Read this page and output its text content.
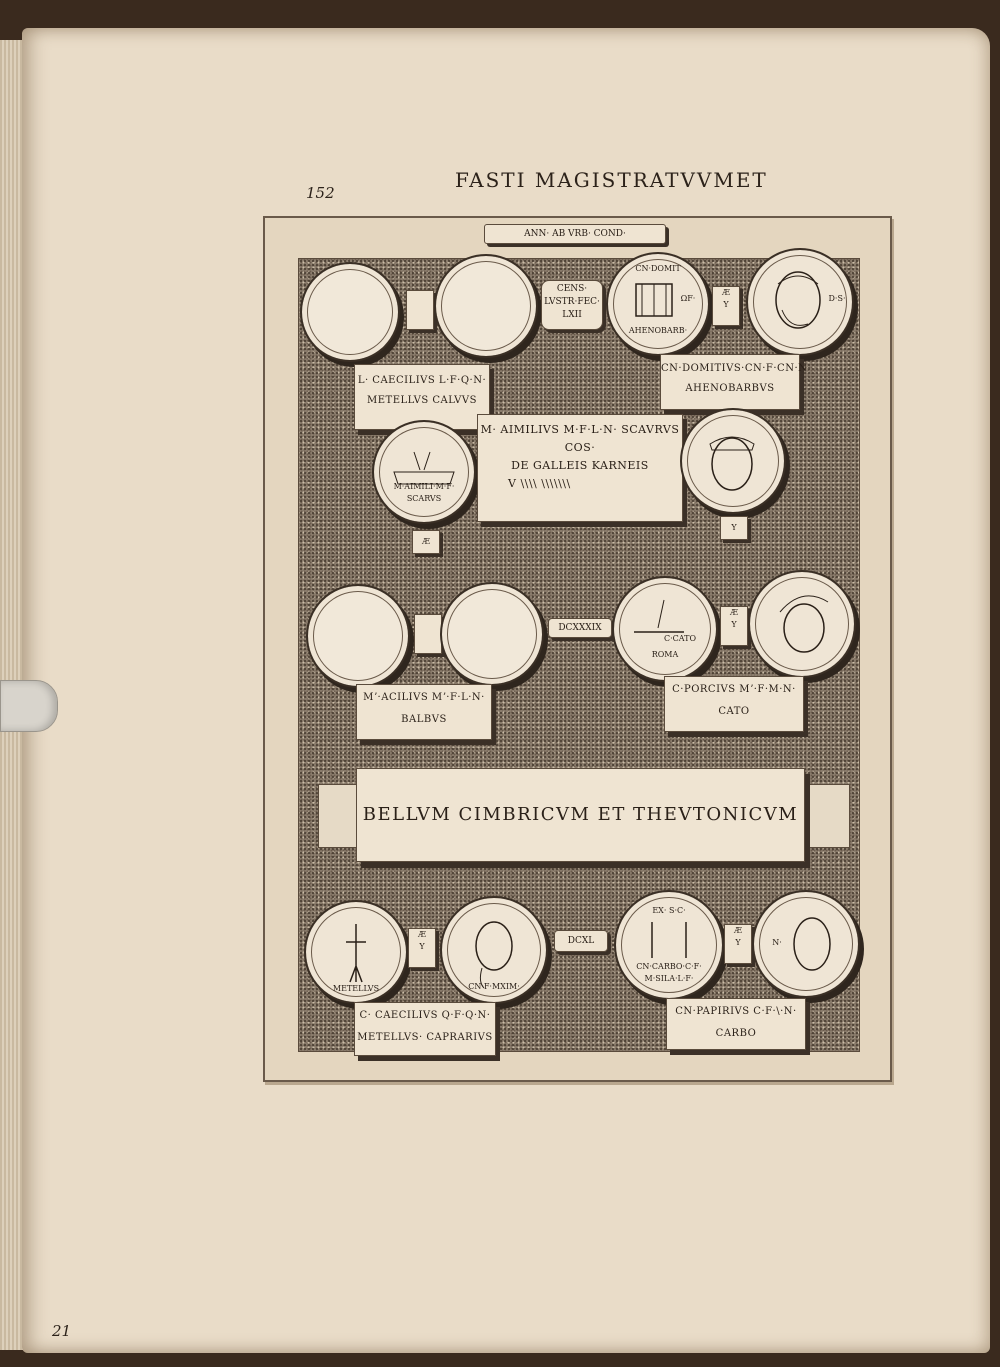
152
FASTI MAGISTRATVVMET
ANN· AB VRB· COND·
CENS·
LVSTR·FEC·
LXII
CN·DOMIT
ΩF·
AHENOBARB·
Æ
Y
D·S·
L· CAECILIVS L·F·Q·N·
METELLVS CALVVS
CN·DOMITIVS·CN·F·CN·N·
AHENOBARBVS
M·AIMILI·M·F·
SCARVS
Æ
M· AIMILIVS M·F·L·N· SCAVRVS
COS·
DE GALLEIS KARNEIS
V \\\\ \\\\\\\
Y
DCXXXIX
C·CATO
ROMA
Æ
Y
Mʼ·ACILIVS Mʼ·F·L·N·
BALBVS
C·PORCIVS Mʼ·F·M·N·
CATO
BELLVM CIMBRICVM ET THEVTONICVM
METELLVS
Æ
Y
CN·F·MXIM·
DCXL
EX· S·C·
CN·CARBO·C·F·
M·SILA·L·F·
Æ
Y	N·
C· CAECILIVS Q·F·Q·N·
METELLVS· CAPRARIVS
CN·PAPIRIVS C·F·\·N·
CARBO
21
